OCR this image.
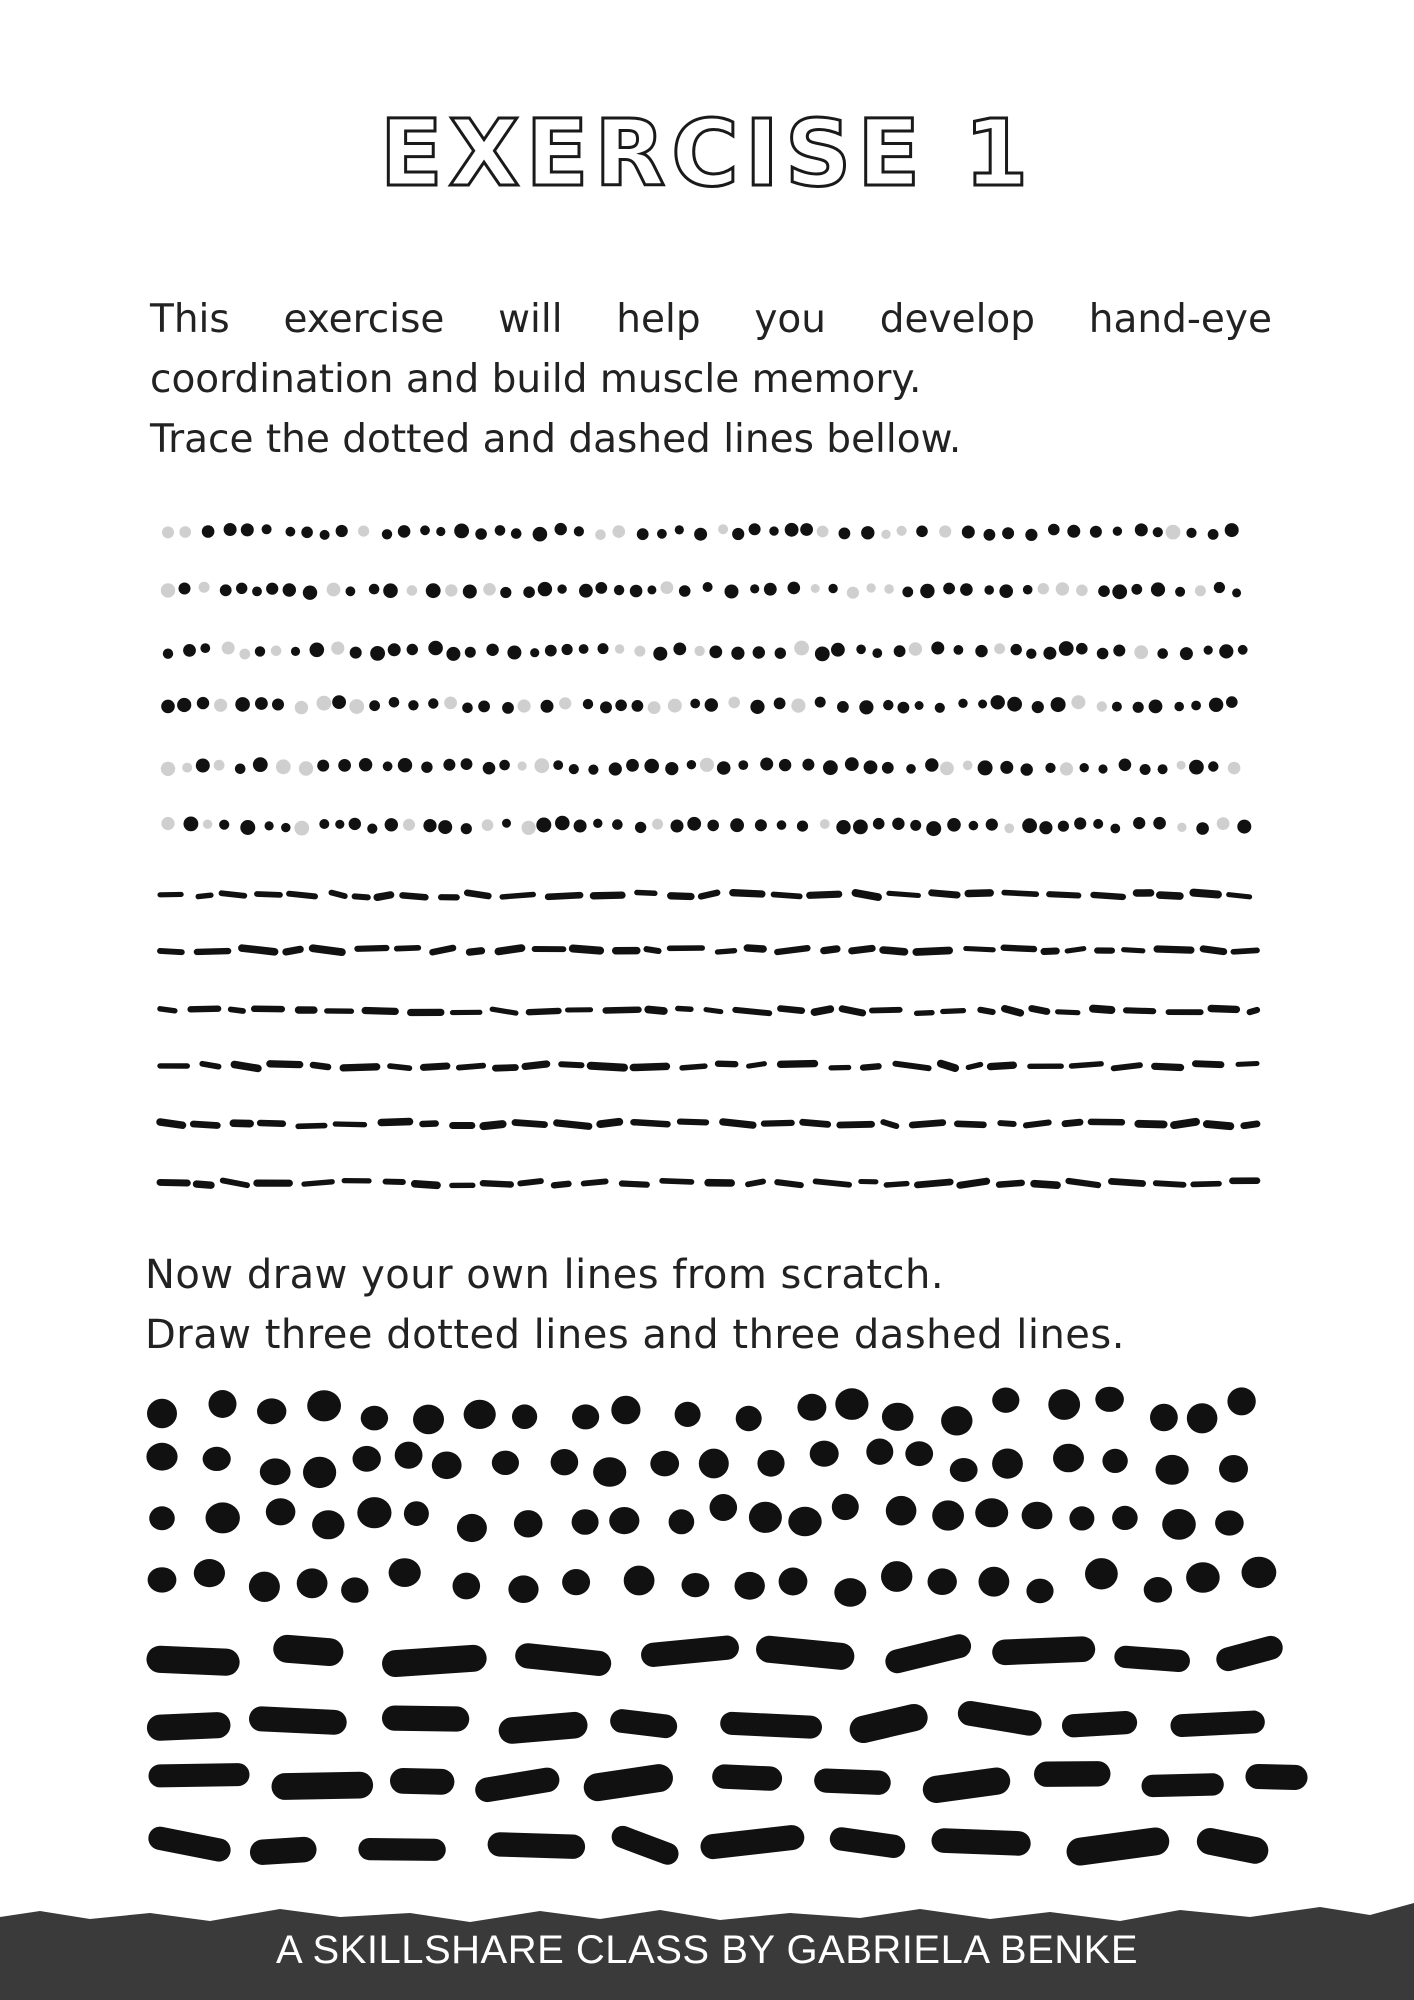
EXERCISE 1

This exercise will help you develop hand-eye

coordination and build muscle memory.

Trace the dotted and dashed lines bellow.

Now draw your own lines from scratch.

Draw three dotted lines and three dashed lines.

A SKILLSHARE CLASS BY GABRIELA BENKE
